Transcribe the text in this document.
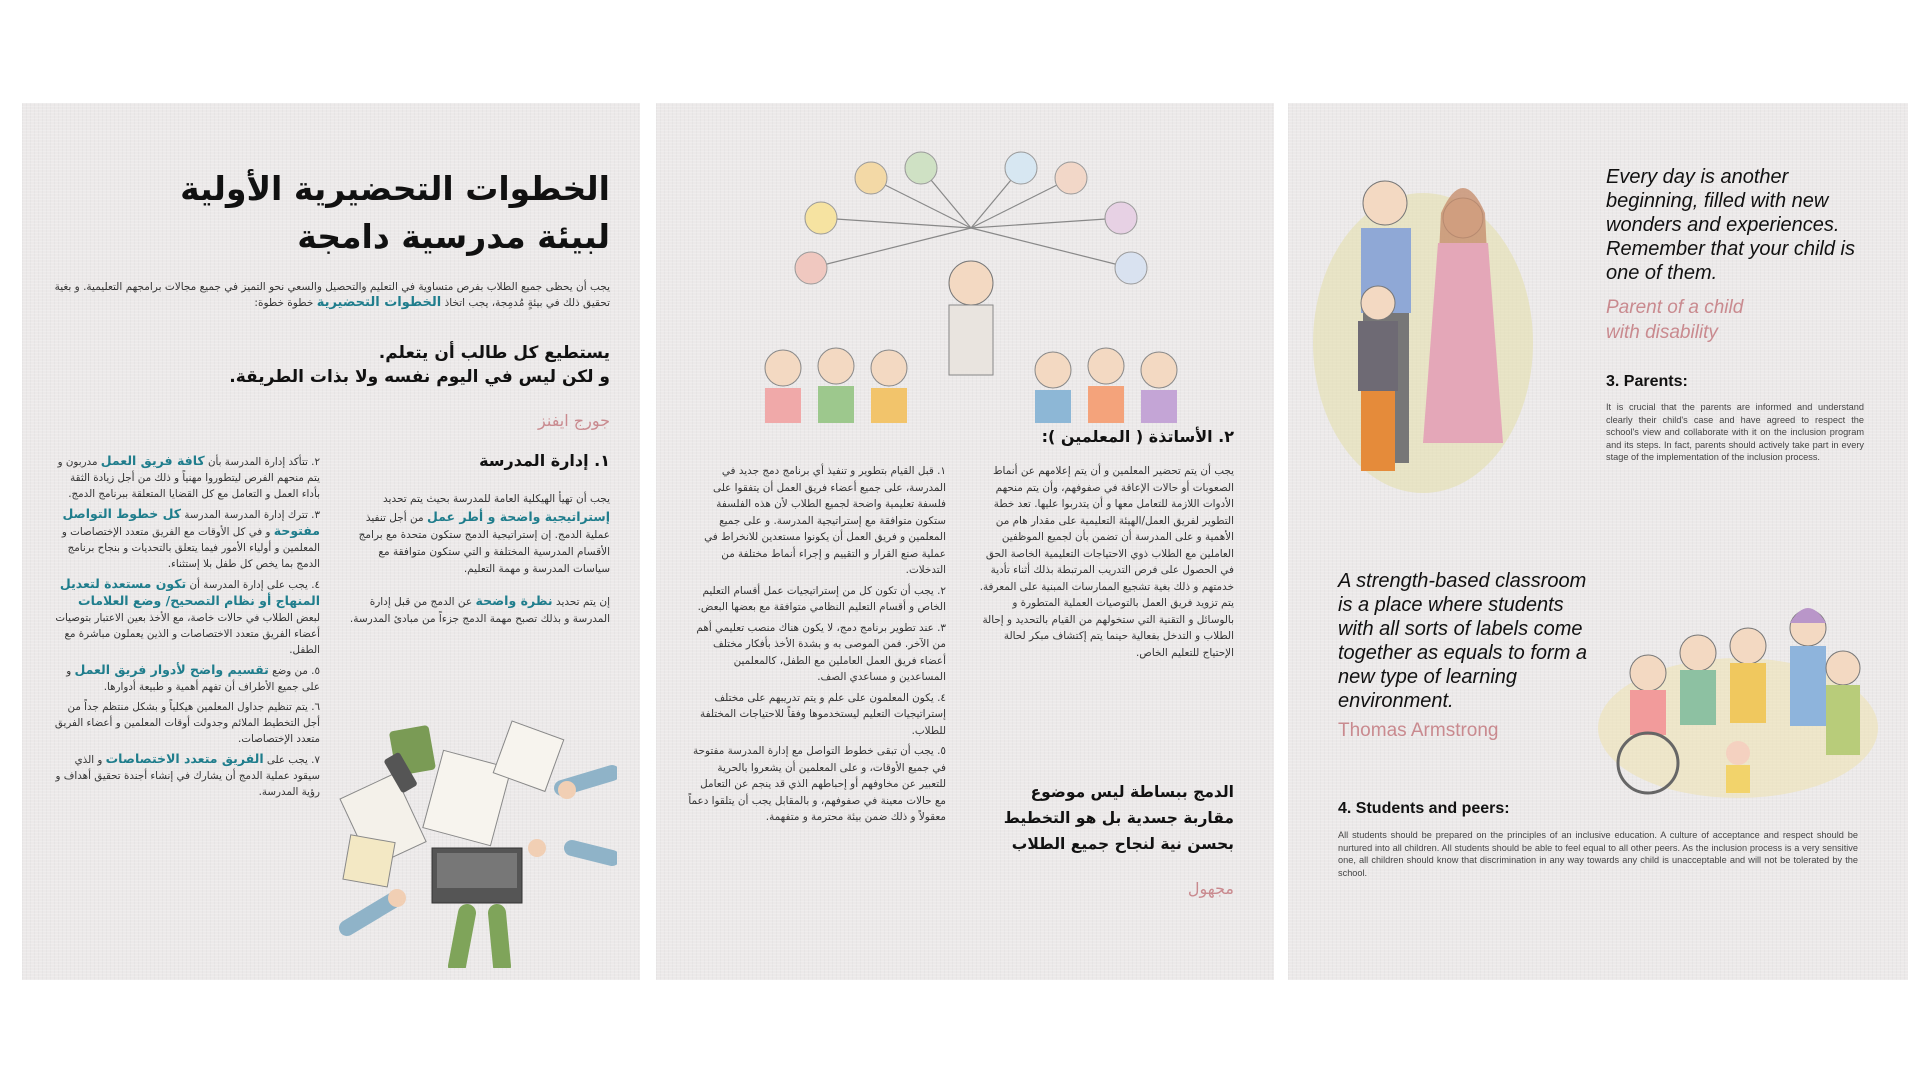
الخطوات التحضيرية الأولية
لبيئة مدرسية دامجة
يجب أن يحظى جميع الطلاب بفرص متساوية في التعليم والتحصيل والسعي نحو التميز في جميع مجالات برامجهم التعليمية. و بغية تحقيق ذلك في بيئةٍ مُدمِجة، يجب اتخاذ الخطوات التحضيرية خطوة خطوة:
يستطيع كل طالب أن يتعلم.
و لكن ليس في اليوم نفسه ولا بذات الطريقة.
جورج ايفنز
١. إدارة المدرسة
يجب أن تهيأ الهيكلية العامة للمدرسة بحيث يتم تحديد إستراتيجية واضحة و أطر عمل من أجل تنفيذ عملية الدمج. إن إستراتيجية الدمج ستكون متحدة مع برامج الأقسام المدرسية المختلفة و التي ستكون متوافقة مع سياسات المدرسة و مهمة التعليم.
إن يتم تحديد نظرة واضحة عن الدمج من قبل إدارة المدرسة و بذلك تصبح مهمة الدمج جزءاً من مبادئ المدرسة.
٢. تتأكد إدارة المدرسة بأن كافة فريق العمل مدربون و يتم منحهم الفرص ليتطوروا مهنياً و ذلك من أجل زيادة الثقة بأداء العمل و التعامل مع كل القضايا المتعلقة ببرنامج الدمج.
٣. تترك إدارة المدرسة المدرسة كل خطوط التواصل مفتوحة و في كل الأوقات مع الفريق متعدد الإختصاصات و المعلمين و أولياء الأمور فيما يتعلق بالتحديات و بنجاح برنامج الدمج بما يخص كل طفل بلا إستثناء.
٤. يجب على إدارة المدرسة أن تكون مستعدة لتعديل المنهاج أو نظام التصحيح/ وضع العلامات لبعض الطلاب في حالات خاصة، مع الأخذ بعين الاعتبار بتوصيات أعضاء الفريق متعدد الاختصاصات و الذين يعملون مباشرة مع الطفل.
٥. من وضع تقسيم واضح لأدوار فريق العمل و على جميع الأطراف أن تفهم أهمية و طبيعة أدوارها.
٦. يتم تنظيم جداول المعلمين هيكلياً و بشكل منتظم جداً من أجل التخطيط الملائم وجدولت أوقات المعلمين و أعضاء الفريق متعدد الإختصاصات.
٧. يجب على الفريق متعدد الاختصاصات و الذي سيقود عملية الدمج أن يشارك في إنشاء أجندة تحقيق أهداف و رؤية المدرسة.
٢. الأساتذة ( المعلمين ):
يجب أن يتم تحضير المعلمين و أن يتم إعلامهم عن أنماط الصعوبات أو حالات الإعاقة في صفوفهم، وأن يتم منحهم الأدوات اللازمة للتعامل معها و أن يتدربوا عليها. تعد خطة التطوير لفريق العمل/الهيئة التعليمية على مقدار هام من الأهمية و على المدرسة أن تضمن بأن لجميع الموظفين العاملين مع الطلاب ذوي الاحتياجات التعليمية الخاصة الحق في الحصول على فرص التدريب المرتبطة بذلك أثناء تأدية خدمتهم و ذلك بغية تشجيع الممارسات المبنية على المعرفة. يتم تزويد فريق العمل بالتوصيات العملية المتطورة و بالوسائل و التقنية التي ستخولهم من القيام بالتحديد و إحالة الطلاب و التدخل بفعالية حينما يتم إكتشاف مبكر لحالة الإحتياج للتعليم الخاص.
١. قبل القيام بتطوير و تنفيذ أي برنامج دمج جديد في المدرسة، على جميع أعضاء فريق العمل أن يتفقوا على فلسفة تعليمية واضحة لجميع الطلاب لأن هذه الفلسفة ستكون متوافقة مع إستراتيجية المدرسة. و على جميع المعلمين و فريق العمل أن يكونوا مستعدين للانخراط في عملية صنع القرار و التقييم و إجراء أنماط مختلفة من التدخلات.
٢. يجب أن تكون كل من إستراتيجيات عمل أقسام التعليم الخاص و أقسام التعليم النظامي متوافقة مع بعضها البعض.
٣. عند تطوير برنامج دمج، لا يكون هناك منصب تعليمي أهم من الآخر. فمن الموصى به و بشدة الأخذ بأفكار مختلف أعضاء فريق العمل العاملين مع الطفل، كالمعلمين المساعدين و مساعدي الصف.
٤. يكون المعلمون على علم و يتم تدريبهم على مختلف إستراتيجيات التعليم ليستخدموها وفقاً للاحتياجات المختلفة للطلاب.
٥. يجب أن تبقى خطوط التواصل مع إدارة المدرسة مفتوحة في جميع الأوقات، و على المعلمين أن يشعروا بالحرية للتعبير عن مخاوفهم أو إحباطهم الذي قد ينجم عن التعامل مع حالات معينة في صفوفهم، و بالمقابل يجب أن يتلقوا دعماً معقولاً و ذلك ضمن بيئة محترمة و متفهمة.
الدمج ببساطة ليس موضوع
مقاربة جسدية بل هو التخطيط
بحسن نية لنجاح جميع الطلاب
مجهول
Every day is another beginning, filled with new wonders and experiences. Remember that your child is one of them.
Parent of a child
with disability
3. Parents:
It is crucial that the parents are informed and understand clearly their child's case and have agreed to respect the school's view and collaborate with it on the inclusion program and its steps. In fact, parents should actively take part in every stage of the implementation of the inclusion process.
A strength-based classroom is a place where students with all sorts of labels come together as equals to form a new type of learning environment.
Thomas Armstrong
4. Students and peers:
All students should be prepared on the principles of an inclusive education. A culture of acceptance and respect should be nurtured into all children. All students should be able to feel equal to all other peers. As the inclusion process is a very sensitive one, all children should know that discrimination in any way towards any child is unacceptable and will not be tolerated by the school.
